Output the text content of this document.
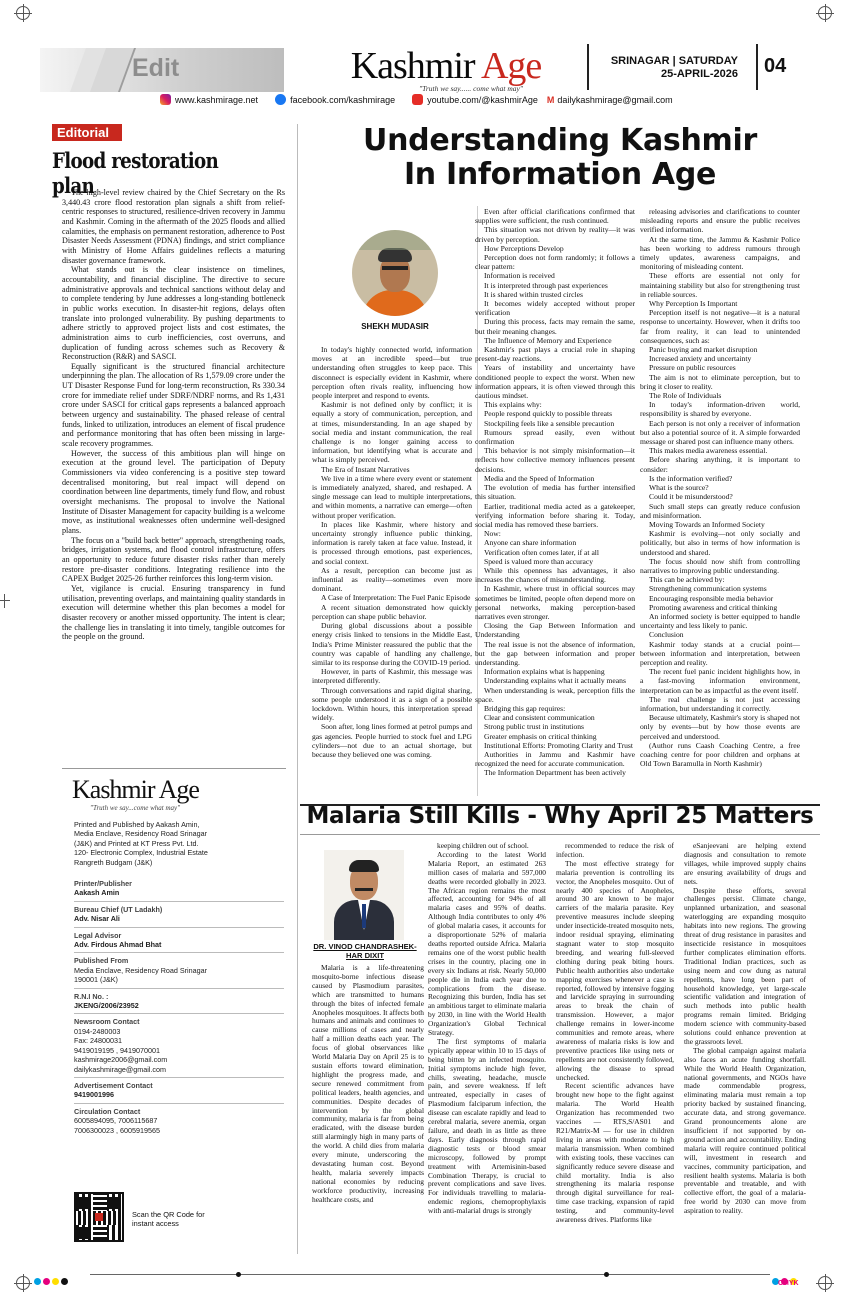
Edit	Kashmir Age
"Truth we say...... come what may"
SRINAGAR | SATURDAY
25-APRIL-2026 04
www.kashmirage.net	facebook.com/kashmirage	youtube.com/@kashmirAge M dailykashmirage@gmail.com
Editorial
Flood restoration plan

The high-level review chaired by the Chief Secretary on the Rs 3,440.43 crore flood restoration plan signals a shift from relief-centric responses to structured, resilience-driven recovery in Jammu and Kashmir. Coming in the aftermath of the 2025 floods and allied calamities, the emphasis on permanent restoration, adherence to Post Disaster Needs Assessment (PDNA) findings, and strict compliance with Ministry of Home Affairs guidelines reflects a maturing disaster governance framework.

What stands out is the clear insistence on timelines, accountability, and financial discipline. The directive to secure administrative approvals and technical sanctions without delay and to complete tendering by June addresses a long-standing bottleneck in public works execution. In disaster-hit regions, delays often translate into prolonged vulnerability. By pushing departments to adhere strictly to approved project lists and cost estimates, the administration aims to curb inefficiencies, cost overruns, and duplication of funding across schemes such as Recovery & Reconstruction (R&R) and SASCI.

Equally significant is the structured financial architecture underpinning the plan. The allocation of Rs 1,579.09 crore under the UT Disaster Response Fund for long-term reconstruction, Rs 330.34 crore for immediate relief under SDRF/NDRF norms, and Rs 1,431 crore under SASCI for critical gaps represents a balanced approach between urgency and sustainability. The phased release of central funds, linked to utilization, introduces an element of fiscal prudence and performance monitoring that has often been missing in large-scale recovery programmes.

However, the success of this ambitious plan will hinge on execution at the ground level. The participation of Deputy Commissioners via video conferencing is a positive step toward decentralised monitoring, but real impact will depend on coordination between line departments, timely fund flow, and robust oversight mechanisms. The proposal to involve the National Institute of Disaster Management for capacity building is a welcome move, as institutional weaknesses often undermine well-designed plans.

The focus on a "build back better" approach, strengthening roads, bridges, irrigation systems, and flood control infrastructure, offers an opportunity to reduce future disaster risks rather than merely restore pre-disaster conditions. Integrating resilience into the CAPEX Budget 2025-26 further reinforces this long-term vision.

Yet, vigilance is crucial. Ensuring transparency in fund utilisation, preventing overlaps, and maintaining quality standards in execution will determine whether this plan becomes a model for disaster recovery or another missed opportunity. The intent is clear; the challenge lies in translating it into timely, tangible outcomes for the people on the ground.

Kashmir Age
"Truth we say...come what may"
Printed and Published by Aakash Amin,
Media Enclave, Residency Road Srinagar
(J&K) and Printed at KT Press Pvt. Ltd.
120- Electronic Complex, Industrial Estate
Rangreth Budgam (J&K)
Printer/Publisher
Aakash Amin
Bureau Chief (UT Ladakh)
Adv. Nisar Ali
Legal Advisor
Adv. Firdous Ahmad Bhat
Published From
Media Enclave, Residency Road Srinagar
190001 (J&K)
R.N.I No. :
JKENG/2006/23952
Newsroom Contact
0194-2480003
Fax: 24800031
9419019195 , 9419070001
kashmirage2006@gmail.com
dailykashmirage@gmail.com
Advertisement Contact
9419001996
Circulation Contact
6005894095, 7006115687
7006300023 , 6005919565
Scan the QR Code for instant access
Understanding Kashmir
In Information Age
SHEKH MUDASIR

In today's highly connected world, information moves at an incredible speed—but true understanding often struggles to keep pace. This disconnect is especially evident in Kashmir, where perception often rivals reality, influencing how people interpret and respond to events.

Kashmir is not defined only by conflict; it is equally a story of communication, perception, and at times, misunderstanding. In an age shaped by social media and instant communication, the real challenge is no longer gaining access to information, but identifying what is accurate and what is simply perceived.

The Era of Instant Narratives

We live in a time where every event or statement is immediately analyzed, shared, and reshaped. A single message can lead to multiple interpretations, and within moments, a narrative can emerge—often without proper verification.

In places like Kashmir, where history and uncertainty strongly influence public thinking, information is rarely taken at face value. Instead, it is processed through emotions, past experiences, and social context.

As a result, perception can become just as influential as reality—sometimes even more dominant.

A Case of Interpretation: The Fuel Panic Episode

A recent situation demonstrated how quickly perception can shape public behavior.

During global discussions about a possible energy crisis linked to tensions in the Middle East, India's Prime Minister reassured the public that the country was capable of handling any challenge, similar to its response during the COVID-19 period.

However, in parts of Kashmir, this message was interpreted differently.

Through conversations and rapid digital sharing, some people understood it as a sign of a possible lockdown. Within hours, this interpretation spread widely.

Soon after, long lines formed at petrol pumps and gas agencies. People hurried to stock fuel and LPG cylinders—not due to an actual shortage, but because they believed one was coming.

Even after official clarifications confirmed that supplies were sufficient, the rush continued.

This situation was not driven by reality—it was driven by perception.

How Perceptions Develop

Perception does not form randomly; it follows a clear pattern:

Information is received

It is interpreted through past experiences

It is shared within trusted circles

It becomes widely accepted without proper verification

During this process, facts may remain the same, but their meaning changes.

The Influence of Memory and Experience

Kashmir's past plays a crucial role in shaping present-day reactions.

Years of instability and uncertainty have conditioned people to expect the worst. When new information appears, it is often viewed through this cautious mindset.

This explains why:

People respond quickly to possible threats

Stockpiling feels like a sensible precaution

Rumours spread easily, even without confirmation

This behavior is not simply misinformation—it reflects how collective memory influences present decisions.

Media and the Speed of Information

The evolution of media has further intensified this situation.

Earlier, traditional media acted as a gatekeeper, verifying information before sharing it. Today, social media has removed these barriers.

Now:

Anyone can share information

Verification often comes later, if at all

Speed is valued more than accuracy

While this openness has advantages, it also increases the chances of misunderstanding.

In Kashmir, where trust in official sources may sometimes be limited, people often depend more on personal networks, making perception-based narratives even stronger.

Closing the Gap Between Information and Understanding

The real issue is not the absence of information, but the gap between information and proper understanding.

Information explains what is happening

Understanding explains what it actually means

When understanding is weak, perception fills the space.

Bridging this gap requires:

Clear and consistent communication

Strong public trust in institutions

Greater emphasis on critical thinking

Institutional Efforts: Promoting Clarity and Trust

Authorities in Jammu and Kashmir have recognized the need for accurate communication.

The Information Department has been actively

releasing advisories and clarifications to counter misleading reports and ensure the public receives verified information.

At the same time, the Jammu & Kashmir Police has been working to address rumours through timely updates, awareness campaigns, and monitoring of misleading content.

These efforts are essential not only for maintaining stability but also for strengthening trust in reliable sources.

Why Perception Is Important

Perception itself is not negative—it is a natural response to uncertainty. However, when it drifts too far from reality, it can lead to unintended consequences, such as:

Panic buying and market disruption

Increased anxiety and uncertainty

Pressure on public resources

The aim is not to eliminate perception, but to bring it closer to reality.

The Role of Individuals

In today's information-driven world, responsibility is shared by everyone.

Each person is not only a receiver of information but also a potential source of it. A simple forwarded message or shared post can influence many others.

This makes media awareness essential.

Before sharing anything, it is important to consider:

Is the information verified?

What is the source?

Could it be misunderstood?

Such small steps can greatly reduce confusion and misinformation.

Moving Towards an Informed Society

Kashmir is evolving—not only socially and politically, but also in terms of how information is understood and shared.

The focus should now shift from controlling narratives to improving public understanding.

This can be achieved by:

Strengthening communication systems

Encouraging responsible media behavior

Promoting awareness and critical thinking

An informed society is better equipped to handle uncertainty and less likely to panic.

Conclusion

Kashmir today stands at a crucial point—between information and interpretation, between perception and reality.

The recent fuel panic incident highlights how, in a fast-moving information environment, interpretation can be as impactful as the event itself.

The real challenge is not just accessing information, but understanding it correctly.

Because ultimately, Kashmir's story is shaped not only by events—but by how those events are perceived and understood.

(Author runs Caash Coaching Centre, a free coaching centre for poor children and orphans at Old Town Baramulla in North Kashmir)

Malaria Still Kills - Why April 25 Matters
DR. VINOD CHANDRASHEK-
HAR DIXIT

Malaria is a life-threatening mosquito-borne infectious disease caused by Plasmodium parasites, which are transmitted to humans through the bites of infected female Anopheles mosquitoes. It affects both humans and animals and continues to cause millions of cases and nearly half a million deaths each year. The focus of global observances like World Malaria Day on April 25 is to sustain efforts toward elimination, highlight the progress made, and secure renewed commitment from political leaders, health agencies, and communities. Despite decades of intervention by the global community, malaria is far from being eradicated, with the disease burden still alarmingly high in many parts of the world. A child dies from malaria every minute, underscoring the devastating human cost. Beyond health, malaria severely impacts national economies by reducing workforce productivity, increasing healthcare costs, and

keeping children out of school.

According to the latest World Malaria Report, an estimated 263 million cases of malaria and 597,000 deaths were recorded globally in 2023. The African region remains the most affected, accounting for 94% of all malaria cases and 95% of deaths. Although India contributes to only 4% of global malaria cases, it accounts for a disproportionate 52% of malaria deaths reported outside Africa. Malaria remains one of the worst public health crises in the country, placing one in every six Indians at risk. Nearly 50,000 people die in India each year due to complications from the disease. Recognizing this burden, India has set an ambitious target to eliminate malaria by 2030, in line with the World Health Organization's Global Technical Strategy.

The first symptoms of malaria typically appear within 10 to 15 days of being bitten by an infected mosquito. Initial symptoms include high fever, chills, sweating, headache, muscle pain, and severe weakness. If left untreated, especially in cases of Plasmodium falciparum infection, the disease can escalate rapidly and lead to cerebral malaria, severe anemia, organ failure, and death in as little as three days. Early diagnosis through rapid diagnostic tests or blood smear microscopy, followed by prompt treatment with Artemisinin-based Combination Therapy, is crucial to prevent complications and save lives. For individuals travelling to malaria-endemic regions, chemoprophylaxis with anti-malarial drugs is strongly

recommended to reduce the risk of infection.

The most effective strategy for malaria prevention is controlling its vector, the Anopheles mosquito. Out of nearly 400 species of Anopheles, around 30 are known to be major carriers of the malaria parasite. Key preventive measures include sleeping under insecticide-treated mosquito nets, indoor residual spraying, eliminating stagnant water to stop mosquito breeding, and wearing full-sleeved clothing during peak biting hours. Public health authorities also undertake mapping exercises whenever a case is reported, followed by intensive fogging and larvicide spraying in surrounding areas to break the chain of transmission. However, a major challenge remains in lower-income communities and remote areas, where awareness of malaria risks is low and preventive practices like using nets or repellents are not consistently followed, allowing the disease to spread unchecked.

Recent scientific advances have brought new hope to the fight against malaria. The World Health Organization has recommended two vaccines — RTS,S/AS01 and R21/Matrix-M — for use in children living in areas with moderate to high malaria transmission. When combined with existing tools, these vaccines can significantly reduce severe disease and child mortality. India is also strengthening its malaria response through digital surveillance for real-time case tracking, expansion of rapid testing, and community-level awareness drives. Platforms like

eSanjeevani are helping extend diagnosis and consultation to remote villages, while improved supply chains are ensuring availability of drugs and nets.

Despite these efforts, several challenges persist. Climate change, unplanned urbanization, and seasonal waterlogging are expanding mosquito habitats into new regions. The growing threat of drug resistance in parasites and insecticide resistance in mosquitoes further complicates elimination efforts. Traditional Indian practices, such as using neem and cow dung as natural repellents, have long been part of household knowledge, yet large-scale scientific validation and integration of such methods into public health programs remain limited. Bridging modern science with community-based solutions could enhance prevention at the grassroots level.

The global campaign against malaria also faces an acute funding shortfall. While the World Health Organization, national governments, and NGOs have made commendable progress, eliminating malaria must remain a top priority backed by sustained financing, accurate data, and strong governance. Grand pronouncements alone are insufficient if not supported by on-ground action and accountability. Ending malaria will require continued political will, investment in research and vaccines, community participation, and resilient health systems. Malaria is both preventable and treatable, and with collective effort, the goal of a malaria-free world by 2030 can move from aspiration to reality.

CMYK
